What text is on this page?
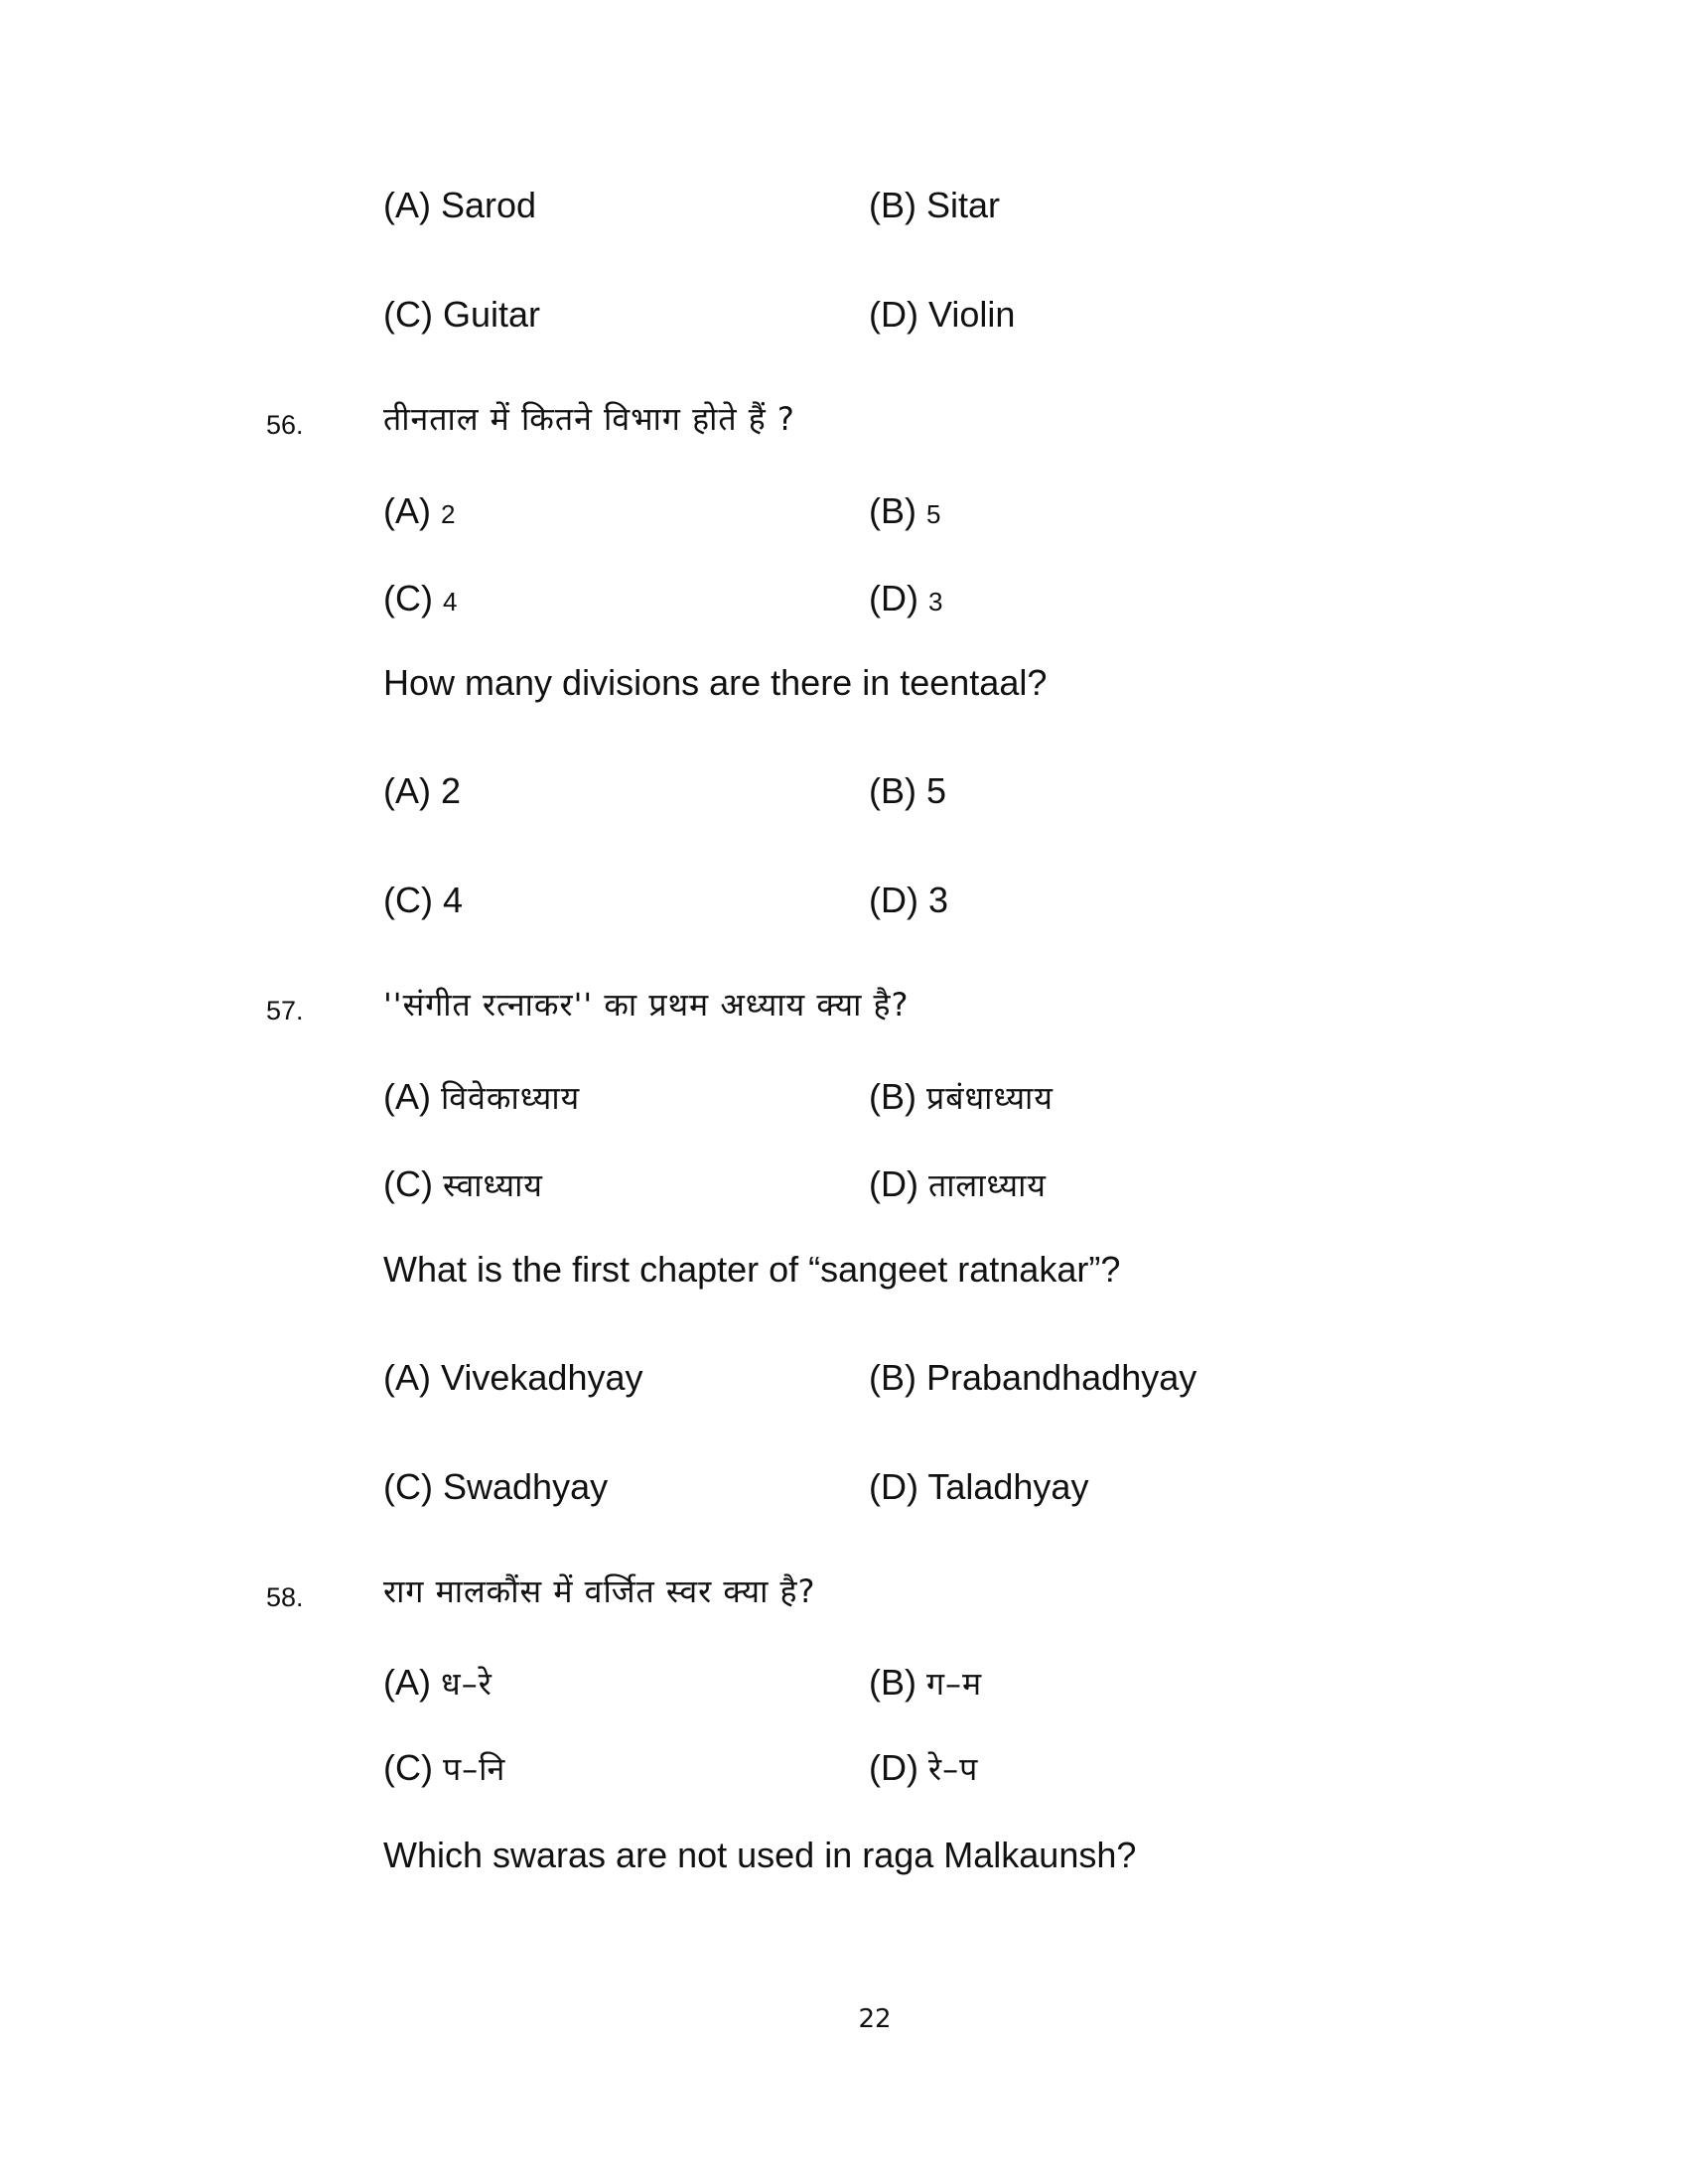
(A) Sarod	(B) Sitar
(C) Guitar	(D) Violin
56.	तीनताल में कितने विभाग होते हैं ?
(A) 2	(B) 5
(C) 4	(D) 3
How many divisions are there in teentaal?
(A) 2	(B) 5
(C) 4	(D) 3
57.	''संगीत रत्नाकर'' का प्रथम अध्याय क्या है?
(A) विवेकाध्याय	(B) प्रबंधाध्याय
(C) स्वाध्याय	(D) तालाध्याय
What is the first chapter of “sangeet ratnakar”?
(A) Vivekadhyay	(B) Prabandhadhyay
(C) Swadhyay	(D) Taladhyay
58.	राग मालकौंस में वर्जित स्वर क्या है?
(A) ध–रे	(B) ग–म
(C) प–नि	(D) रे–प
Which swaras are not used in raga Malkaunsh?
22
